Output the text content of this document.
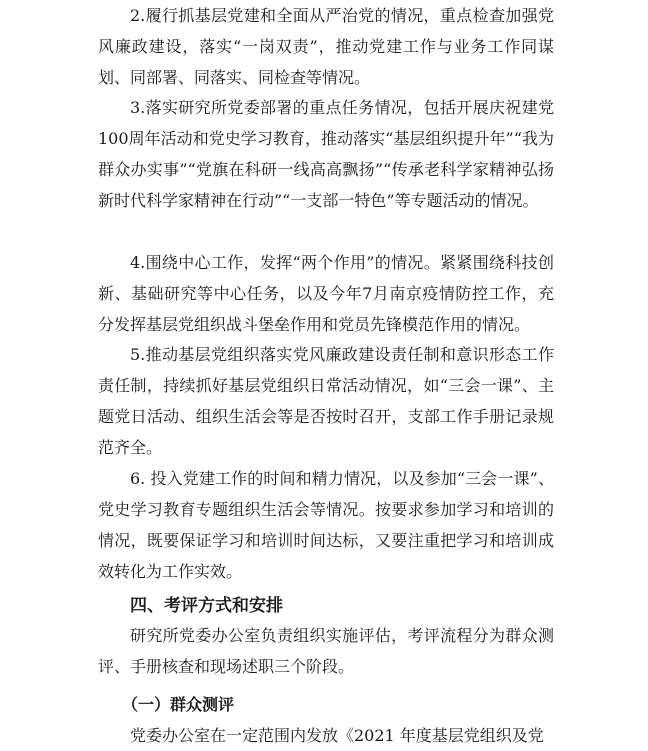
2.履行抓基层党建和全面从严治党的情况，重点检查加强党风廉政建设，落实“一岗双责”，推动党建工作与业务工作同谋划、同部署、同落实、同检查等情况。

3.落实研究所党委部署的重点任务情况，包括开展庆祝建党100周年活动和党史学习教育，推动落实“基层组织提升年”“我为群众办实事”“党旗在科研一线高高飘扬”“传承老科学家精神弘扬新时代科学家精神在行动”“一支部一特色”等专题活动的情况。

4.围绕中心工作，发挥“两个作用”的情况。紧紧围绕科技创新、基础研究等中心任务，以及今年7月南京疫情防控工作，充分发挥基层党组织战斗堡垒作用和党员先锋模范作用的情况。

5.推动基层党组织落实党风廉政建设责任制和意识形态工作责任制，持续抓好基层党组织日常活动情况，如“三会一课”、主题党日活动、组织生活会等是否按时召开，支部工作手册记录规范齐全。

6. 投入党建工作的时间和精力情况，以及参加“三会一课”、党史学习教育专题组织生活会等情况。按要求参加学习和培训的情况，既要保证学习和培训时间达标，又要注重把学习和培训成效转化为工作实效。

四、考评方式和安排

研究所党委办公室负责组织实施评估，考评流程分为群众测评、手册核查和现场述职三个阶段。

（一）群众测评

党委办公室在一定范围内发放《2021 年度基层党组织及党
